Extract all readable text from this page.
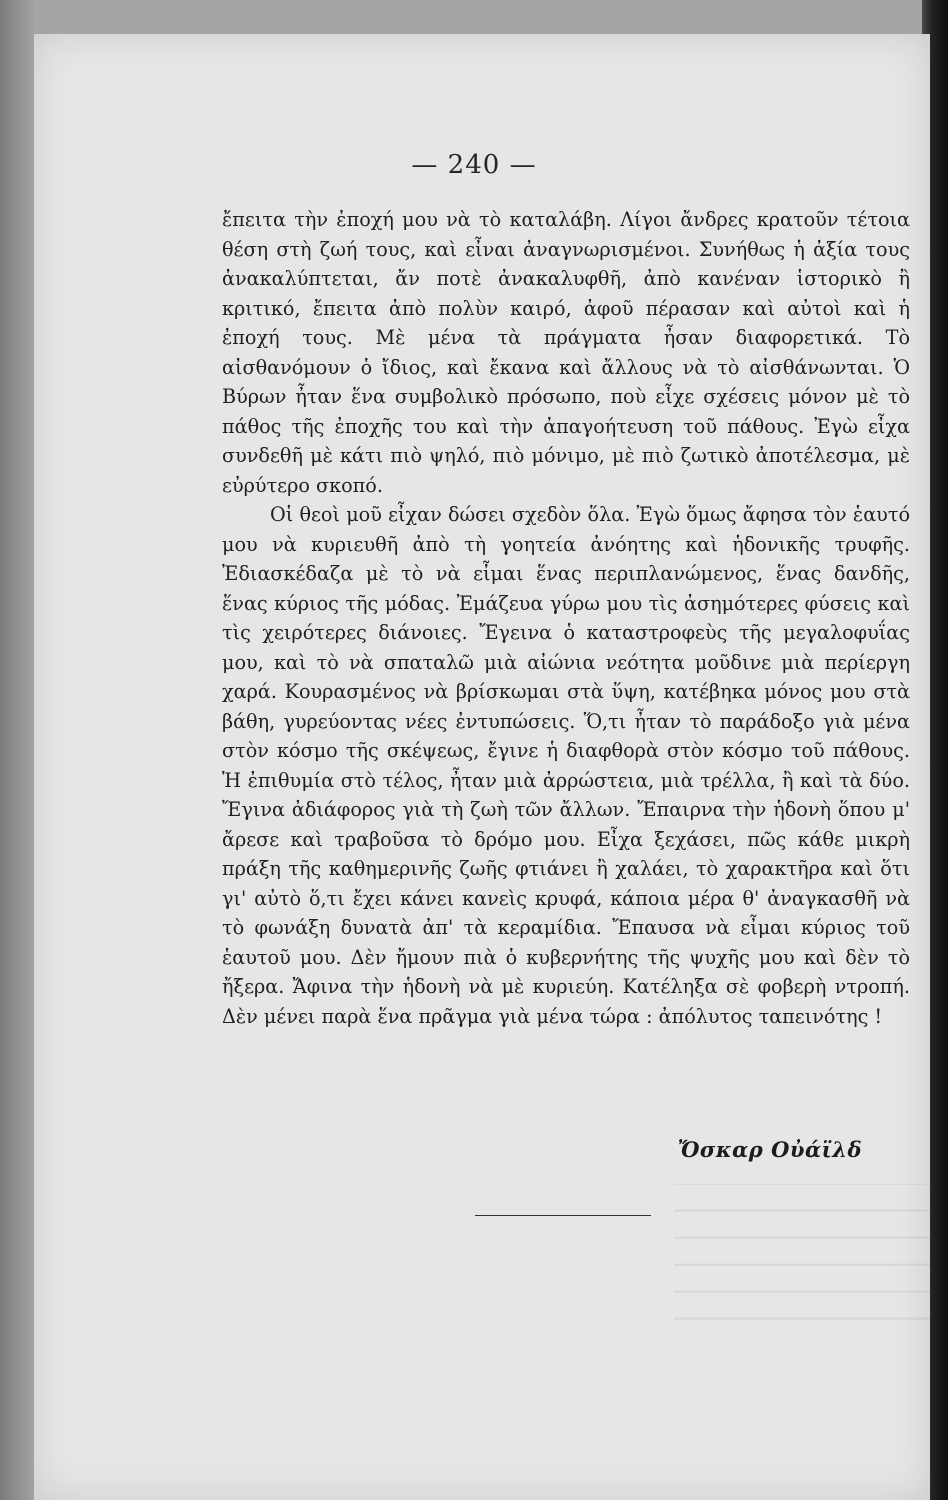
— 240 —

ἔπειτα τὴν ἐποχή μου νὰ τὸ καταλάβη. Λίγοι ἄνδρες κρατοῦν τέτοια θέση στὴ ζωή τους, καὶ εἶναι ἀναγνωρισμένοι. Συνήθως ἡ ἀξία τους ἀνακαλύπτεται, ἄν ποτὲ ἀνακαλυφθῆ, ἀπὸ κανέναν ἱστορικὸ ἢ κριτικό, ἔπειτα ἀπὸ πολὺν καιρό, ἀφοῦ πέρασαν καὶ αὐτοὶ καὶ ἡ ἐποχή τους. Μὲ μένα τὰ πράγματα ἦσαν διαφορετικά. Τὸ αἰσθανόμουν ὁ ἴδιος, καὶ ἔκανα καὶ ἄλλους νὰ τὸ αἰσθάνωνται. Ὁ Βύρων ἦταν ἕνα συμβολικὸ πρόσωπο, ποὺ εἶχε σχέσεις μόνον μὲ τὸ πάθος τῆς ἐποχῆς του καὶ τὴν ἀπαγοήτευση τοῦ πάθους. Ἐγὼ εἶχα συνδεθῆ μὲ κάτι πιὸ ψηλό, πιὸ μόνιμο, μὲ πιὸ ζωτικὸ ἀποτέλεσμα, μὲ εὐρύτερο σκοπό.

Οἱ θεοὶ μοῦ εἶχαν δώσει σχεδὸν ὅλα. Ἐγὼ ὅμως ἄφησα τὸν ἑαυτό μου νὰ κυριευθῆ ἀπὸ τὴ γοητεία ἀνόητης καὶ ἡδονικῆς τρυφῆς. Ἐδιασκέδαζα μὲ τὸ νὰ εἶμαι ἕνας περιπλανώμενος, ἕνας δανδῆς, ἕνας κύριος τῆς μόδας. Ἐμάζευα γύρω μου τὶς ἀσημότερες φύσεις καὶ τὶς χειρότερες διάνοιες. Ἔγεινα ὁ καταστροφεὺς τῆς μεγαλοφυΐας μου, καὶ τὸ νὰ σπαταλῶ μιὰ αἰώνια νεότητα μοῦδινε μιὰ περίεργη χαρά. Κουρασμένος νὰ βρίσκωμαι στὰ ὕψη, κατέβηκα μόνος μου στὰ βάθη, γυρεύοντας νέες ἐντυπώσεις. Ὅ,τι ἦταν τὸ παράδοξο γιὰ μένα στὸν κόσμο τῆς σκέψεως, ἔγινε ἡ διαφθορὰ στὸν κόσμο τοῦ πάθους. Ἡ ἐπιθυμία στὸ τέλος, ἦταν μιὰ ἀρρώστεια, μιὰ τρέλλα, ἢ καὶ τὰ δύο. Ἔγινα ἀδιάφορος γιὰ τὴ ζωὴ τῶν ἄλλων. Ἔπαιρνα τὴν ἡδονὴ ὅπου μ' ἄρεσε καὶ τραβοῦσα τὸ δρόμο μου. Εἶχα ξεχάσει, πῶς κάθε μικρὴ πράξη τῆς καθημερινῆς ζωῆς φτιάνει ἢ χαλάει, τὸ χαρακτῆρα καὶ ὅτι γι' αὐτὸ ὅ,τι ἔχει κάνει κανεὶς κρυφά, κάποια μέρα θ' ἀναγκασθῆ νὰ τὸ φωνάξη δυνατὰ ἀπ' τὰ κεραμίδια. Ἔπαυσα νὰ εἶμαι κύριος τοῦ ἑαυτοῦ μου. Δὲν ἤμουν πιὰ ὁ κυβερνήτης τῆς ψυχῆς μου καὶ δὲν τὸ ἤξερα. Ἄφινα τὴν ἡδονὴ νὰ μὲ κυριεύη. Κατέληξα σὲ φοβερὴ ντροπή. Δὲν μένει παρὰ ἕνα πρᾶγμα γιὰ μένα τώρα : ἀπόλυτος ταπεινότης !

Ὄσκαρ Οὐάϊλδ
